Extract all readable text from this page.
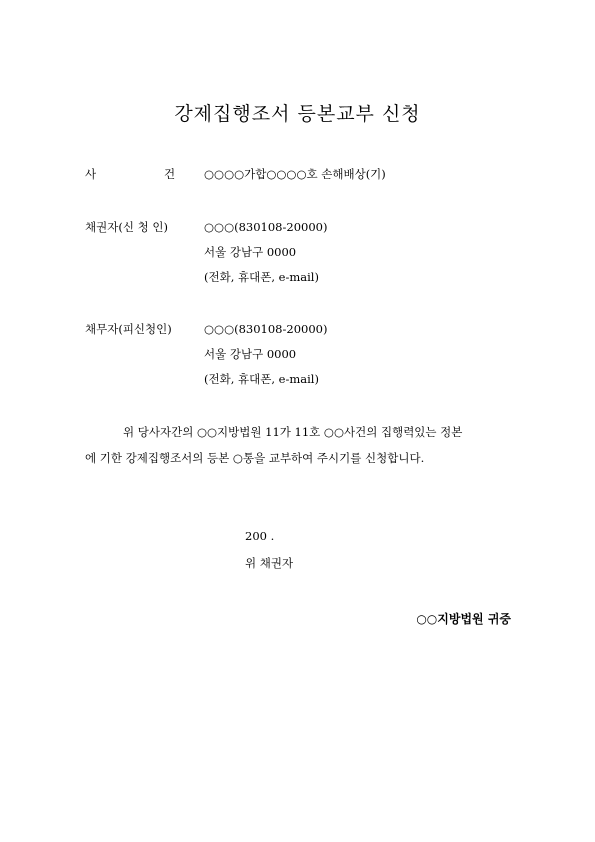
강제집행조서 등본교부 신청
사	건	○○○○가합○○○○호 손해배상(기)
채권자(신 청 인)	○○○(830108-20000)
서울 강남구 0000
(전화, 휴대폰, e-mail)
채무자(피신청인)	○○○(830108-20000)
서울 강남구 0000
(전화, 휴대폰, e-mail)

위 당사자간의 ○○지방법원 11가 11호 ○○사건의 집행력있는 정본

에 기한 강제집행조서의 등본 ○통을 교부하여 주시기를 신청합니다.

200 .
위 채권자
○○지방법원 귀중
